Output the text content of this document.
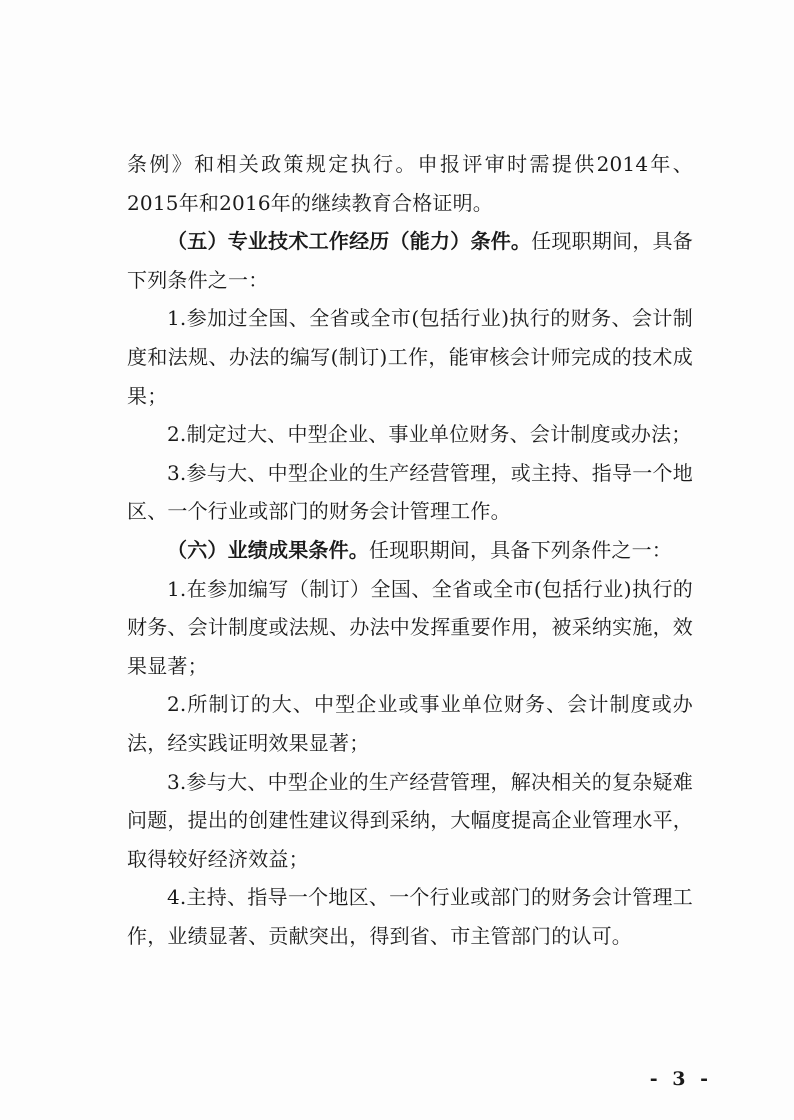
条例》和相关政策规定执行。申报评审时需提供2014年、2015年和2016年的继续教育合格证明。

（五）专业技术工作经历（能力）条件。任现职期间，具备下列条件之一：

1.参加过全国、全省或全市(包括行业)执行的财务、会计制度和法规、办法的编写(制订)工作，能审核会计师完成的技术成果；

2.制定过大、中型企业、事业单位财务、会计制度或办法；

3.参与大、中型企业的生产经营管理，或主持、指导一个地区、一个行业或部门的财务会计管理工作。

（六）业绩成果条件。任现职期间，具备下列条件之一：

1.在参加编写（制订）全国、全省或全市(包括行业)执行的财务、会计制度或法规、办法中发挥重要作用，被采纳实施，效果显著；

2.所制订的大、中型企业或事业单位财务、会计制度或办法，经实践证明效果显著；

3.参与大、中型企业的生产经营管理，解决相关的复杂疑难问题，提出的创建性建议得到采纳，大幅度提高企业管理水平，取得较好经济效益；

4.主持、指导一个地区、一个行业或部门的财务会计管理工作，业绩显著、贡献突出，得到省、市主管部门的认可。

- 3 -
